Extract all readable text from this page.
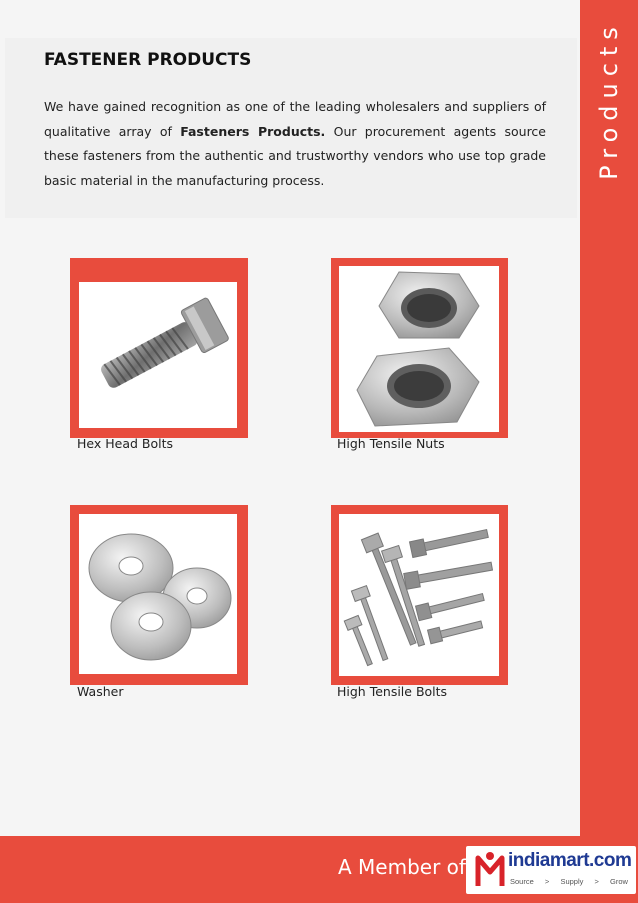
Products
FASTENER PRODUCTS

We have gained recognition as one of the leading wholesalers and suppliers of qualitative array of Fasteners Products. Our procurement agents source these fasteners from the authentic and trustworthy vendors who use top grade basic material in the manufacturing process.

Hex Head Bolts	High Tensile Nuts
Washer	High Tensile Bolts
A Member of indiamart.com
Source > Supply > Grow
